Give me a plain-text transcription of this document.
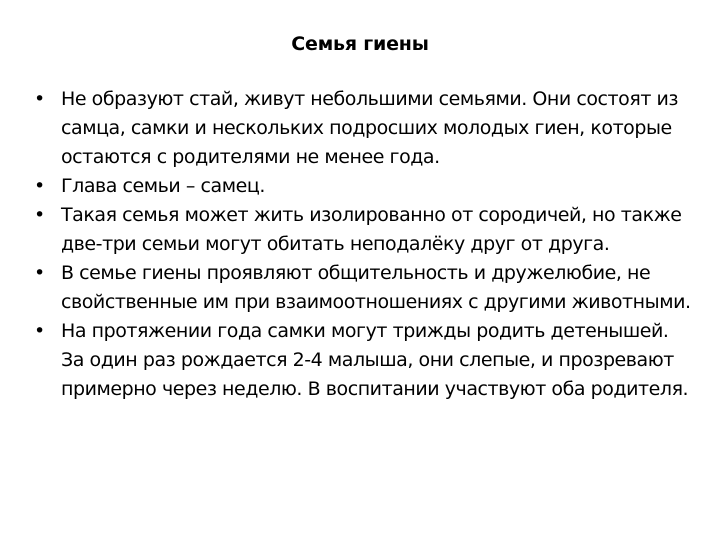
Семья гиены
• Не образуют стай, живут небольшими семьями. Они состоят из самца, самки и нескольких подросших молодых гиен, которые остаются с родителями не менее года.
• Глава семьи – самец.
• Такая семья может жить изолированно от сородичей, но также две-три семьи могут обитать неподалёку друг от друга.
• В семье гиены проявляют общительность и дружелюбие, не свойственные им при взаимоотношениях с другими животными.
• На протяжении года самки могут трижды родить детенышей. За один раз рождается 2-4 малыша, они слепые, и прозревают примерно через неделю. В воспитании участвуют оба родителя.
